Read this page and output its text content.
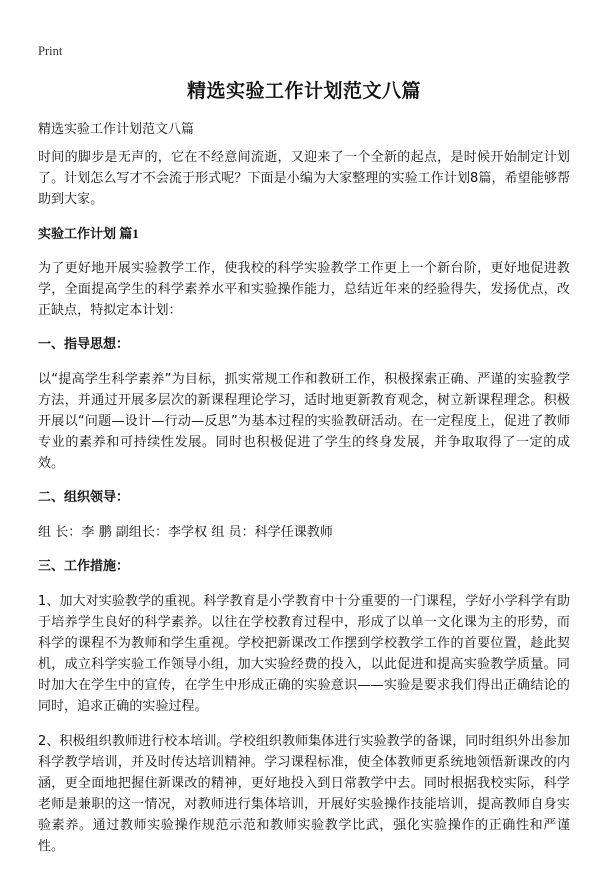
Print
精选实验工作计划范文八篇
精选实验工作计划范文八篇

时间的脚步是无声的，它在不经意间流逝，又迎来了一个全新的起点，是时候开始制定计划了。计划怎么写才不会流于形式呢？下面是小编为大家整理的实验工作计划8篇，希望能够帮助到大家。

实验工作计划 篇1

为了更好地开展实验教学工作，使我校的科学实验教学工作更上一个新台阶，更好地促进教学，全面提高学生的科学素养水平和实验操作能力，总结近年来的经验得失，发扬优点，改正缺点，特拟定本计划：

一、指导思想：

以“提高学生科学素养”为目标，抓实常规工作和教研工作，积极探索正确、严谨的实验教学方法，并通过开展多层次的新课程理论学习，适时地更新教育观念，树立新课程理念。积极开展以“问题—设计—行动—反思”为基本过程的实验教研活动。在一定程度上，促进了教师专业的素养和可持续性发展。同时也积极促进了学生的终身发展，并争取取得了一定的成效。

二、组织领导：

组 长：李 鹏 副组长：李学权 组 员：科学任课教师

三、工作措施：

1、加大对实验教学的重视。科学教育是小学教育中十分重要的一门课程，学好小学科学有助于培养学生良好的科学素养。以往在学校教育过程中，形成了以单一文化课为主的形势，而科学的课程不为教师和学生重视。学校把新课改工作摆到学校教学工作的首要位置，趁此契机，成立科学实验工作领导小组，加大实验经费的投入，以此促进和提高实验教学质量。同时加大在学生中的宣传，在学生中形成正确的实验意识——实验是要求我们得出正确结论的同时，追求正确的实验过程。

2、积极组织教师进行校本培训。学校组织教师集体进行实验教学的备课，同时组织外出参加科学教学培训，并及时传达培训精神。学习课程标准，使全体教师更系统地领悟新课改的内涵，更全面地把握住新课改的精神，更好地投入到日常教学中去。同时根据我校实际，科学老师是兼职的这一情况，对教师进行集体培训，开展好实验操作技能培训，提高教师自身实验素养。通过教师实验操作规范示范和教师实验教学比武，强化实验操作的正确性和严谨性。
